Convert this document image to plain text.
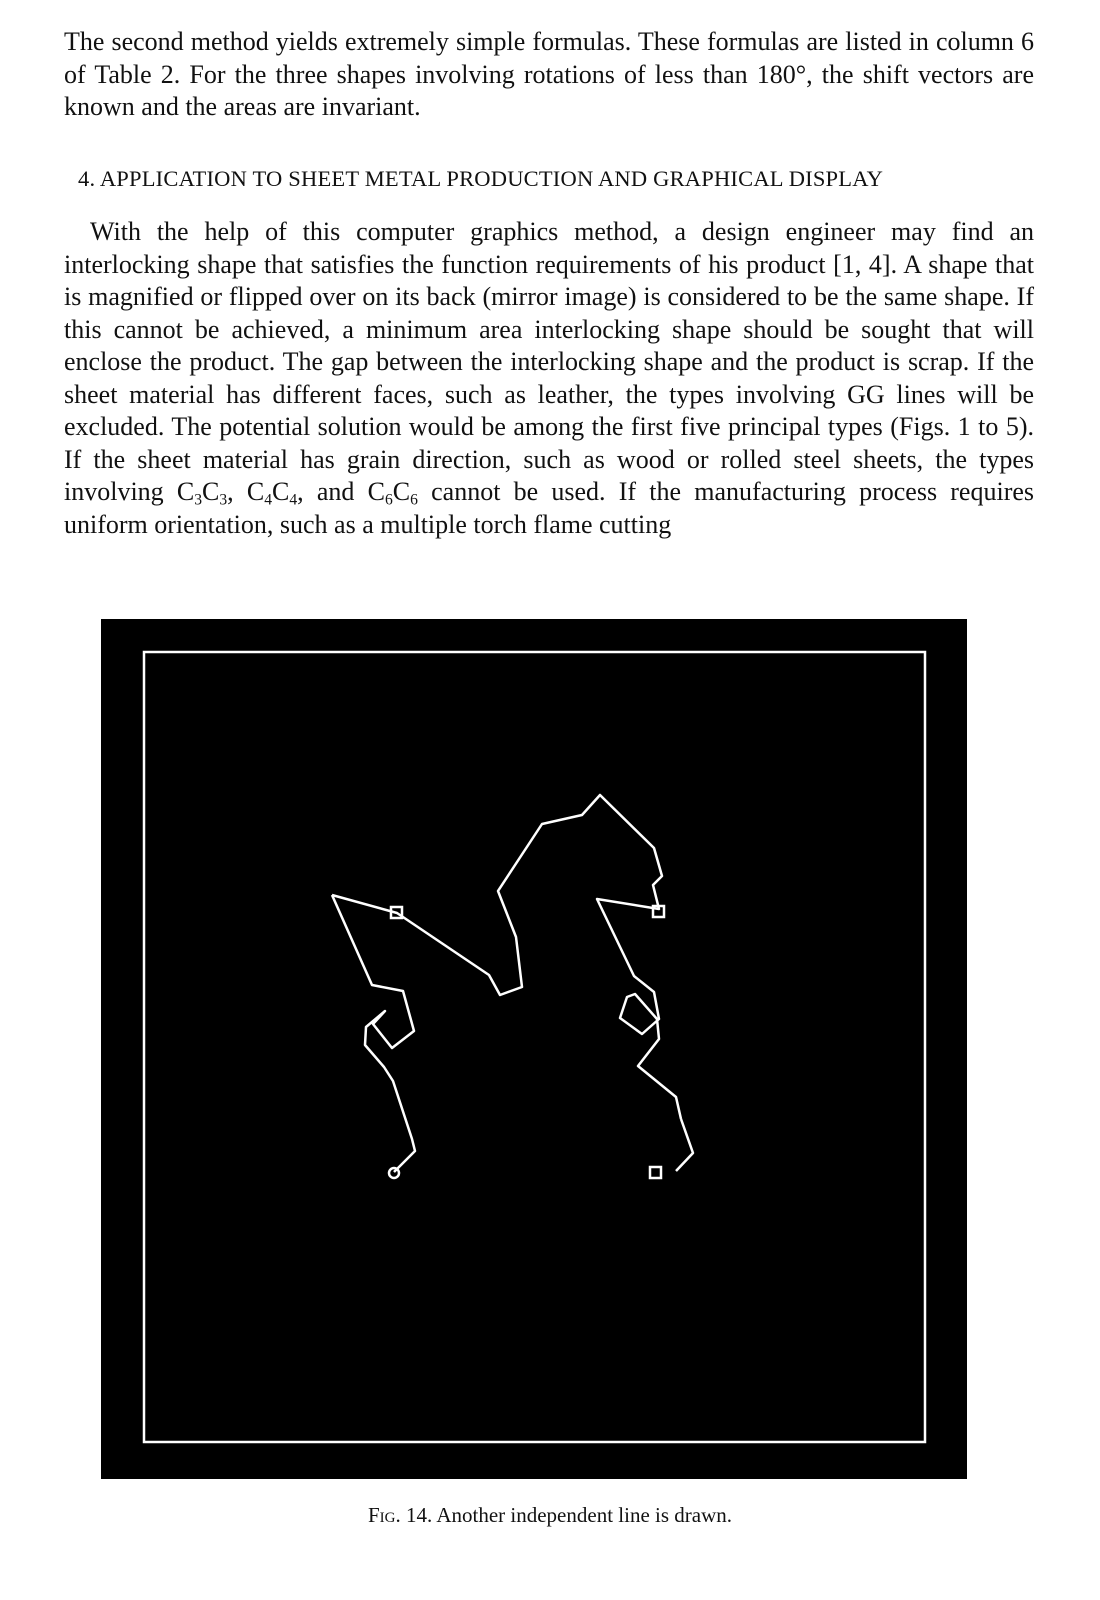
The second method yields extremely simple formulas. These formulas are listed in column 6 of Table 2. For the three shapes involving rotations of less than 180°, the shift vectors are known and the areas are invariant.

4. APPLICATION TO SHEET METAL PRODUCTION AND GRAPHICAL DISPLAY

With the help of this computer graphics method, a design engineer may find an interlocking shape that satisfies the function requirements of his product [1, 4]. A shape that is magnified or flipped over on its back (mirror image) is considered to be the same shape. If this cannot be achieved, a minimum area interlocking shape should be sought that will enclose the product. The gap between the interlocking shape and the product is scrap. If the sheet material has different faces, such as leather, the types involving GG lines will be excluded. The potential solution would be among the first five principal types (Figs. 1 to 5). If the sheet material has grain direction, such as wood or rolled steel sheets, the types involving $C_3C_3$, $C_4C_4$, and $C_6C_6$ cannot be used. If the manufacturing process requires uniform orientation, such as a multiple torch flame cutting

Fig. 14. Another independent line is drawn.
